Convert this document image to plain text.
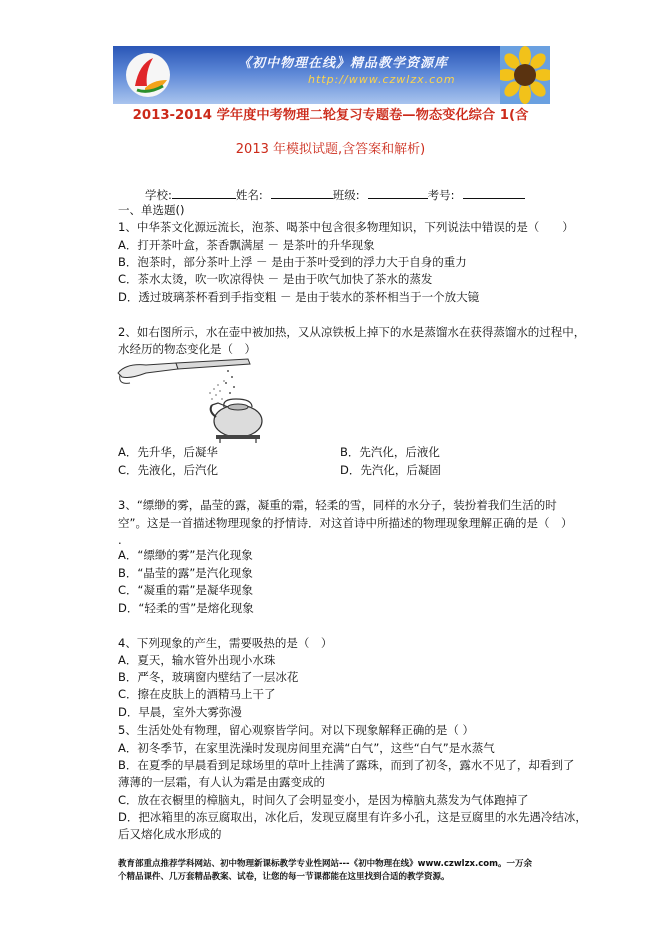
《初中物理在线》精品教学资源库
http://www.czwlzx.com
2013-2014 学年度中考物理二轮复习专题卷—物态变化综合 1(含
2013 年模拟试题,含答案和解析)
学校:	姓名:	班级:	考号:
一、单选题()
1、中华茶文化源远流长，泡茶、喝茶中包含很多物理知识，下列说法中错误的是（　　）
A．打开茶叶盒，茶香飘满屋 － 是茶叶的升华现象
B．泡茶时，部分茶叶上浮 － 是由于茶叶受到的浮力大于自身的重力
C．茶水太烫，吹一吹凉得快 － 是由于吹气加快了茶水的蒸发
D．透过玻璃茶杯看到手指变粗 － 是由于装水的茶杯相当于一个放大镜
2、如右图所示，水在壶中被加热，又从凉铁板上掉下的水是蒸馏水在获得蒸馏水的过程中，
水经历的物态变化是（　）
A．先升华，后凝华	B．先汽化，后液化
C．先液化，后汽化	D．先汽化，后凝固
3、“缥缈的雾，晶莹的露，凝重的霜，轻柔的雪，同样的水分子，装扮着我们生活的时
空”。这是一首描述物理现象的抒情诗．对这首诗中所描述的物理现象理解正确的是（　）
.
A．“缥缈的雾”是汽化现象
B．“晶莹的露”是汽化现象
C．“凝重的霜”是凝华现象
D．“轻柔的雪”是熔化现象
4、下列现象的产生，需要吸热的是（　）
A．夏天，输水管外出现小水珠
B．严冬，玻璃窗内壁结了一层冰花
C．擦在皮肤上的酒精马上干了
D．早晨，室外大雾弥漫
5、生活处处有物理，留心观察皆学问。对以下现象解释正确的是（ ）
A．初冬季节，在家里洗澡时发现房间里充满“白气”，这些“白气”是水蒸气
B．在夏季的早晨看到足球场里的草叶上挂满了露珠，而到了初冬，露水不见了，却看到了
薄薄的一层霜，有人认为霜是由露变成的
C．放在衣橱里的樟脑丸，时间久了会明显变小，是因为樟脑丸蒸发为气体跑掉了
D．把冰箱里的冻豆腐取出，冰化后，发现豆腐里有许多小孔，这是豆腐里的水先遇冷结冰，
后又熔化成水形成的
教育部重点推荐学科网站、初中物理新课标教学专业性网站---《初中物理在线》www.czwlzx.com。一万余
个精品课件、几万套精品教案、试卷，让您的每一节课都能在这里找到合适的教学资源。
